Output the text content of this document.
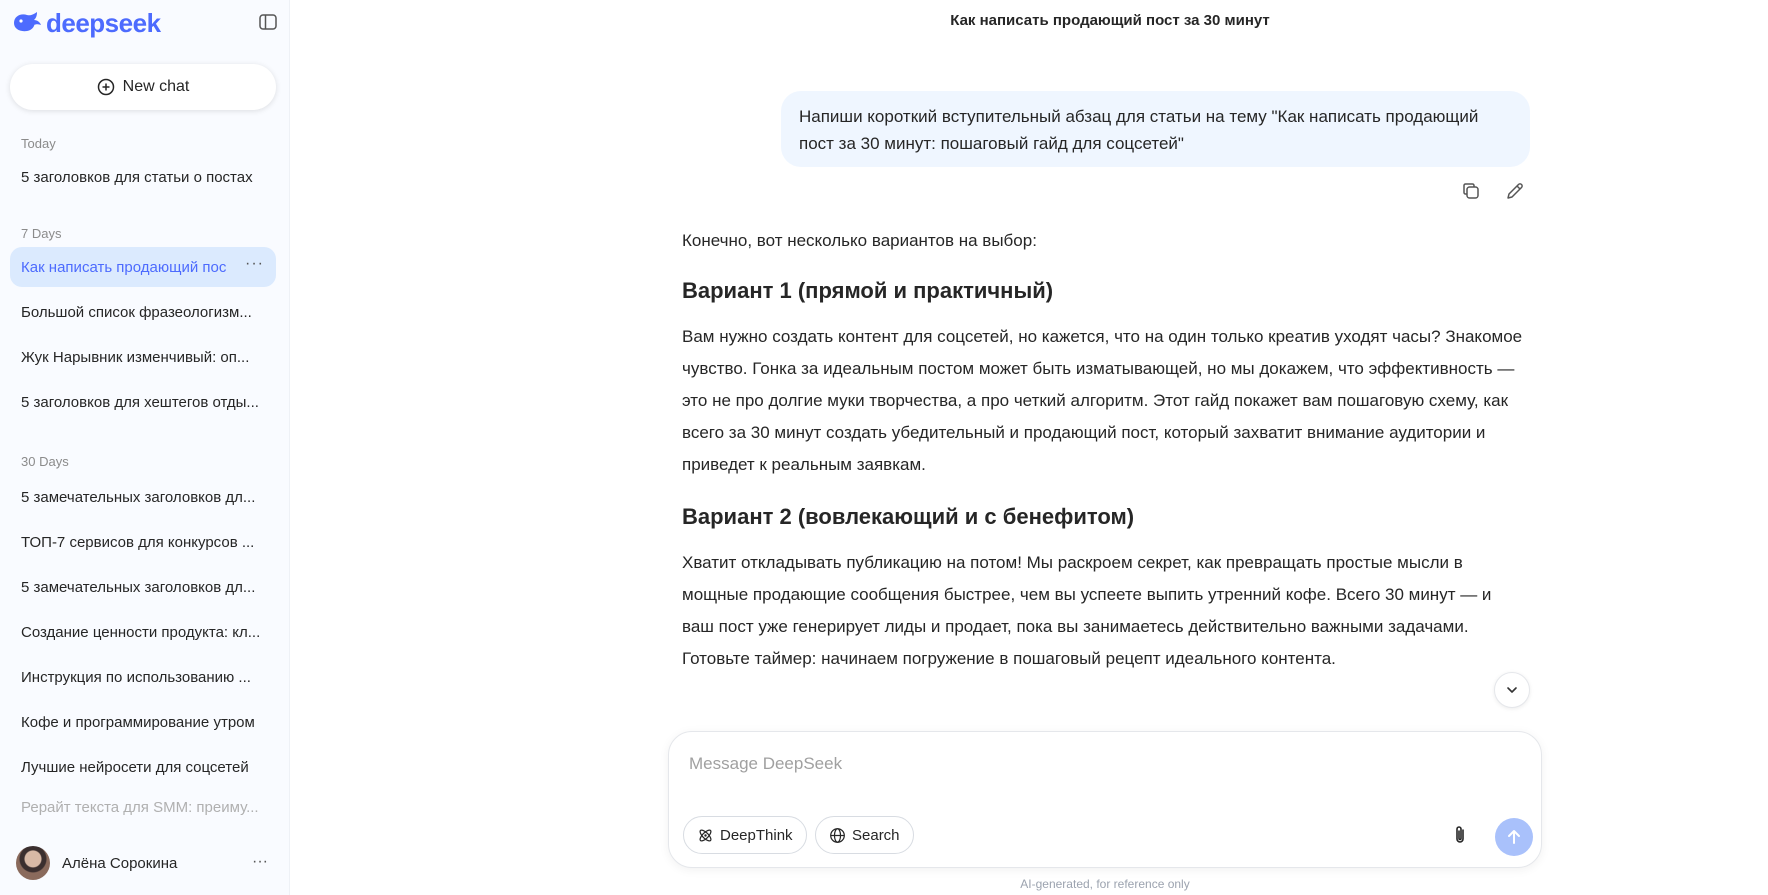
deepseek
New chat
Today
5 заголовков для статьи о постах
7 Days
Как написать продающий пос ···
Большой список фразеологизм...
Жук Нарывник изменчивый: оп...
5 заголовков для хештегов отды...
30 Days
5 замечательных заголовков дл...
ТОП-7 сервисов для конкурсов ...
5 замечательных заголовков дл...
Создание ценности продукта: кл...
Инструкция по использованию ...
Кофе и программирование утром
Лучшие нейросети для соцсетей
Рерайт текста для SMM: преиму...
Алёна Сорокина	···
Как написать продающий пост за 30 минут
Напиши короткий вступительный абзац для статьи на тему "Как написать продающий пост за 30 минут: пошаговый гайд для соцсетей"

Конечно, вот несколько вариантов на выбор:

Вариант 1 (прямой и практичный)

Вам нужно создать контент для соцсетей, но кажется, что на один только креатив уходят часы? Знакомое чувство. Гонка за идеальным постом может быть изматывающей, но мы докажем, что эффективность — это не про долгие муки творчества, а про четкий алгоритм. Этот гайд покажет вам пошаговую схему, как всего за 30 минут создать убедительный и продающий пост, который захватит внимание аудитории и приведет к реальным заявкам.

Вариант 2 (вовлекающий и с бенефитом)

Хватит откладывать публикацию на потом! Мы раскроем секрет, как превращать простые мысли в мощные продающие сообщения быстрее, чем вы успеете выпить утренний кофе. Всего 30 минут — и ваш пост уже генерирует лиды и продает, пока вы занимаетесь действительно важными задачами. Готовьте таймер: начинаем погружение в пошаговый рецепт идеального контента.

Message DeepSeek
DeepThink	Search
AI-generated, for reference only
